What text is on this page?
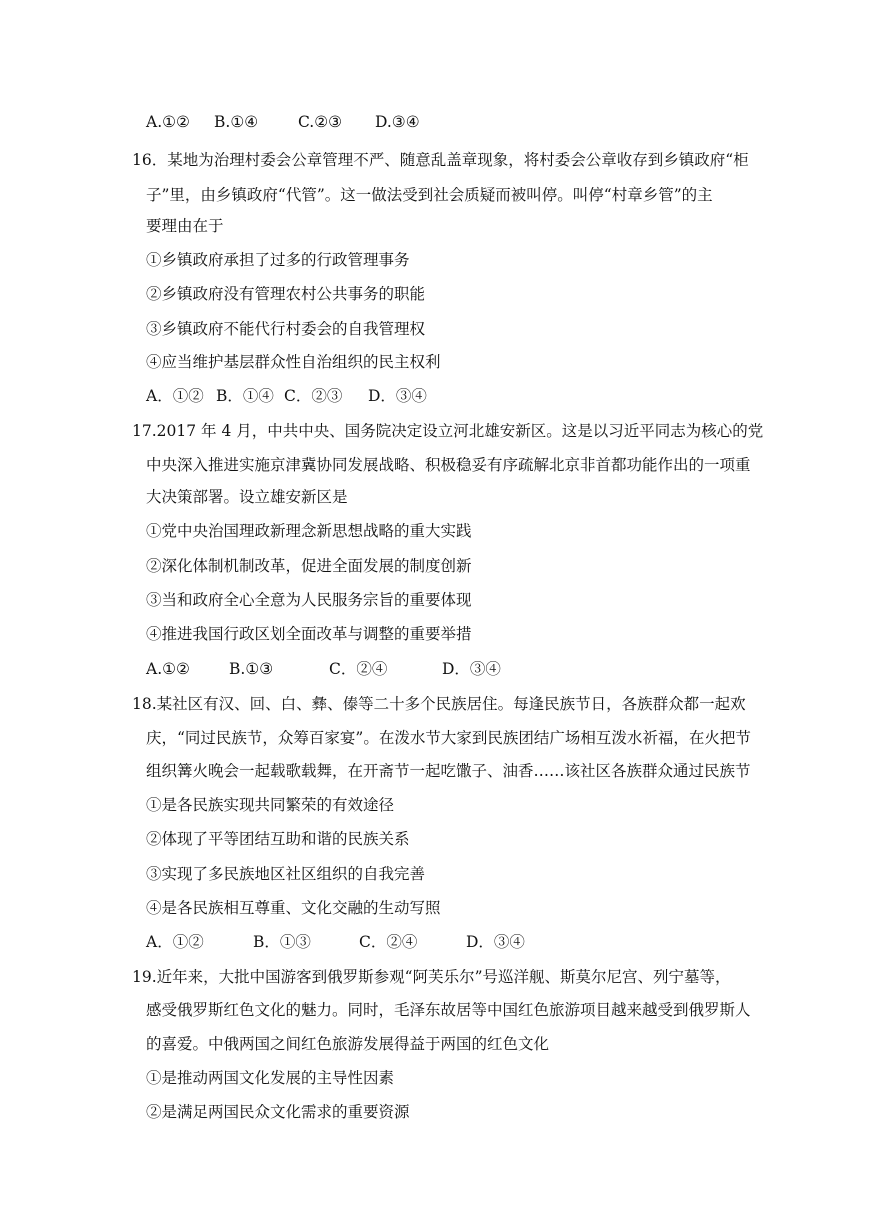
A.①② B.①④	C.②③ D.③④
16．某地为治理村委会公章管理不严、随意乱盖章现象，将村委会公章收存到乡镇政府“柜
子”里，由乡镇政府“代管”。这一做法受到社会质疑而被叫停。叫停“村章乡管”的主
要理由在于
①乡镇政府承担了过多的行政管理事务
②乡镇政府没有管理农村公共事务的职能
③乡镇政府不能代行村委会的自我管理权
④应当维护基层群众性自治组织的民主权利
A．①② B．①④ C．②③ D．③④
17.2017 年 4 月，中共中央、国务院决定设立河北雄安新区。这是以习近平同志为核心的党
中央深入推进实施京津冀协同发展战略、积极稳妥有序疏解北京非首都功能作出的一项重
大决策部署。设立雄安新区是
①党中央治国理政新理念新思想战略的重大实践
②深化体制机制改革，促进全面发展的制度创新
③当和政府全心全意为人民服务宗旨的重要体现
④推进我国行政区划全面改革与调整的重要举措
A.①②	B.①③	C．②④	D．③④
18.某社区有汉、回、白、彝、傣等二十多个民族居住。每逢民族节日，各族群众都一起欢
庆，“同过民族节，众筹百家宴”。在泼水节大家到民族团结广场相互泼水祈福，在火把节
组织篝火晚会一起载歌载舞，在开斋节一起吃馓子、油香……该社区各族群众通过民族节
①是各民族实现共同繁荣的有效途径
②体现了平等团结互助和谐的民族关系
③实现了多民族地区社区组织的自我完善
④是各民族相互尊重、文化交融的生动写照
A．①②	B．①③	C．②④	D．③④
19.近年来，大批中国游客到俄罗斯参观“阿芙乐尔”号巡洋舰、斯莫尔尼宫、列宁墓等，
感受俄罗斯红色文化的魅力。同时，毛泽东故居等中国红色旅游项目越来越受到俄罗斯人
的喜爱。中俄两国之间红色旅游发展得益于两国的红色文化
①是推动两国文化发展的主导性因素
②是满足两国民众文化需求的重要资源
